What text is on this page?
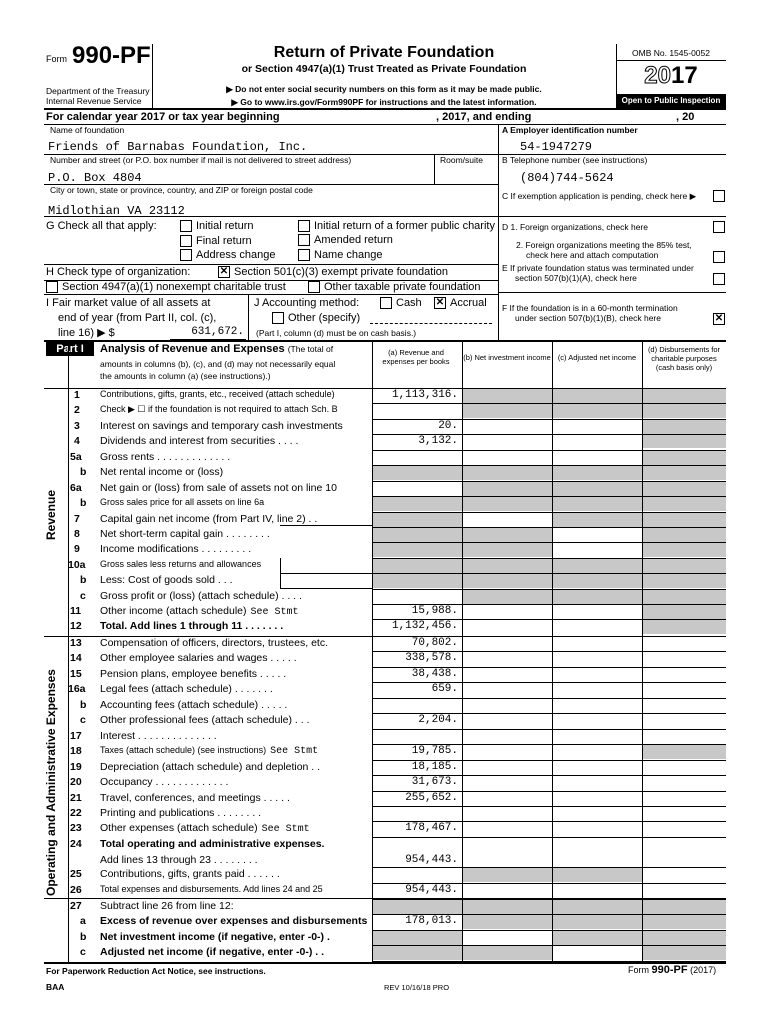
Form 990-PF
Department of the Treasury
Internal Revenue Service
Return of Private Foundation
or Section 4947(a)(1) Trust Treated as Private Foundation
▶ Do not enter social security numbers on this form as it may be made public.
▶ Go to www.irs.gov/Form990PF for instructions and the latest information.
OMB No. 1545-0052
2017
Open to Public Inspection
For calendar year 2017 or tax year beginning	, 2017, and ending	, 20
Name of foundation
Friends of Barnabas Foundation, Inc.
A Employer identification number
54-1947279
Number and street (or P.O. box number if mail is not delivered to street address)	Room/suite B Telephone number (see instructions)
P.O. Box 4804	(804)744-5624
City or town, state or province, country, and ZIP or foreign postal code
C If exemption application is pending, check here ▶
Midlothian VA 23112
G Check all that apply:	Initial return
Final return
Address change
Initial return of a former public charity
Amended return
Name change
D 1. Foreign organizations, check here
2. Foreign organizations meeting the 85% test,
check here and attach computation
E If private foundation status was terminated under
section 507(b)(1)(A), check here
F If the foundation is in a 60-month termination
under section 507(b)(1)(B), check here	✕
H Check type of organization:	✕ Section 501(c)(3) exempt private foundation
Section 4947(a)(1) nonexempt charitable trust	Other taxable private foundation
I Fair market value of all assets at
end of year (from Part II, col. (c),
line 16) ▶ $	631,672.
J Accounting method:	Cash ✕ Accrual
Other (specify)
(Part I, column (d) must be on cash basis.)
Part I	Analysis of Revenue and Expenses (The total of
amounts in columns (b), (c), and (d) may not necessarily equal
the amounts in column (a) (see instructions).)
(a) Revenue and expenses per books	(b) Net investment income (c) Adjusted net income
(d) Disbursements for charitable purposes (cash basis only)
Revenue
Operating and Administrative Expenses
1 Contributions, gifts, grants, etc., received (attach schedule)	1,113,316.
2 Check ▶ ☐ if the foundation is not required to attach Sch. B
3 Interest on savings and temporary cash investments	20.
4 Dividends and interest from securities . . . .	3,132.
5a Gross rents . . . . . . . . . . . . .
b Net rental income or (loss)
6a Net gain or (loss) from sale of assets not on line 10
b Gross sales price for all assets on line 6a
7 Capital gain net income (from Part IV, line 2) . .
8 Net short-term capital gain . . . . . . . .
9 Income modifications . . . . . . . . .
10a Gross sales less returns and allowances
b Less: Cost of goods sold . . .
c Gross profit or (loss) (attach schedule) . . . .
11 Other income (attach schedule) See Stmt	15,988.
12 Total. Add lines 1 through 11 . . . . . . .	1,132,456.
13 Compensation of officers, directors, trustees, etc.	70,802.
14 Other employee salaries and wages . . . . .	338,578.
15 Pension plans, employee benefits . . . . .	38,438.
16a Legal fees (attach schedule) . . . . . . .	659.
b Accounting fees (attach schedule) . . . . .
c Other professional fees (attach schedule) . . .	2,204.
17 Interest . . . . . . . . . . . . . .
18 Taxes (attach schedule) (see instructions) See Stmt	19,785.
19 Depreciation (attach schedule) and depletion . .	18,185.
20 Occupancy . . . . . . . . . . . . .	31,673.
21 Travel, conferences, and meetings . . . . .	255,652.
22 Printing and publications . . . . . . . .
23 Other expenses (attach schedule) See Stmt	178,467.
24 Total operating and administrative expenses.
Add lines 13 through 23 . . . . . . . .	954,443.
25 Contributions, gifts, grants paid . . . . . .
26 Total expenses and disbursements. Add lines 24 and 25	954,443.
27 Subtract line 26 from line 12:
a Excess of revenue over expenses and disbursements	178,013.
b Net investment income (if negative, enter -0-) .
c Adjusted net income (if negative, enter -0-) . .
For Paperwork Reduction Act Notice, see instructions.
BAA	REV 10/16/18 PRO
Form 990-PF (2017)
